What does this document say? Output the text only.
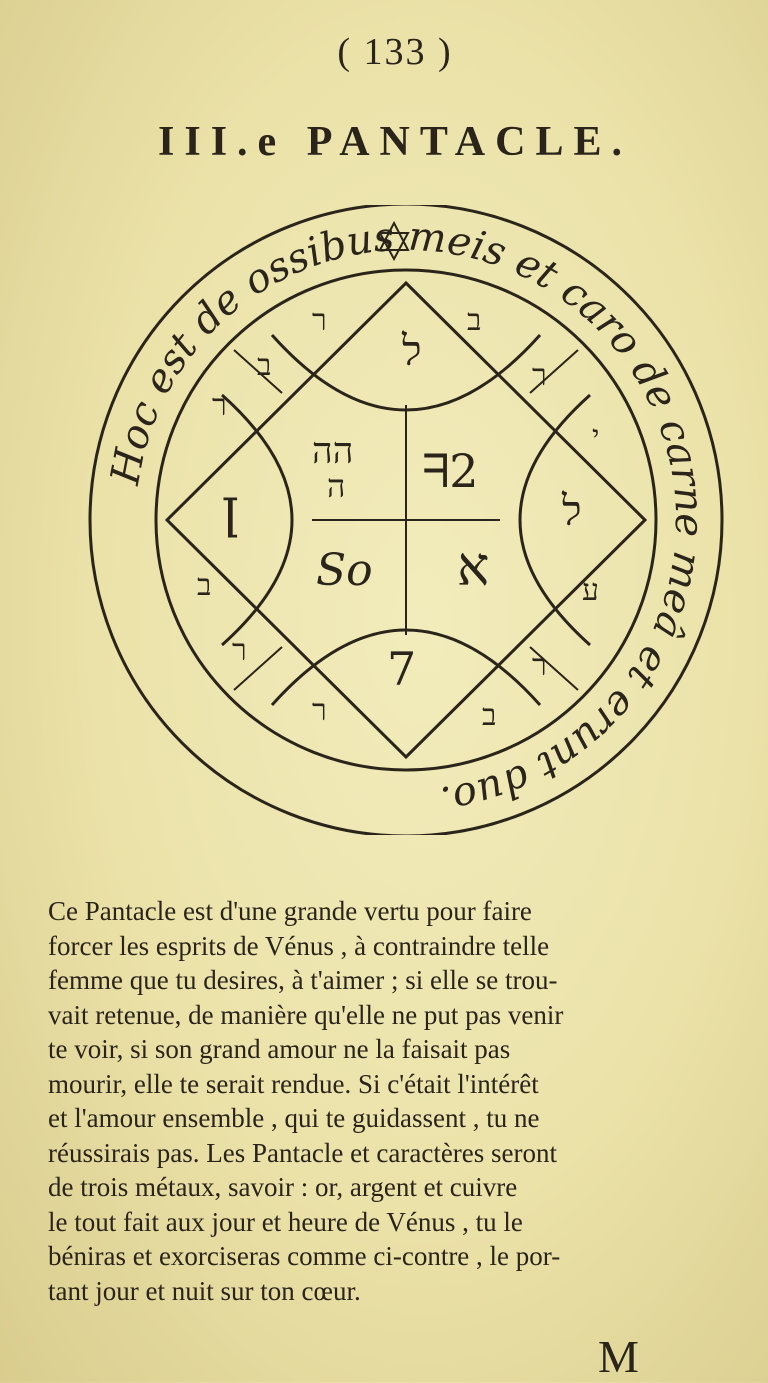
( 133 )
III.e PANTACLE.
הה
ה ᖷ2
So
7
ꞁ
ל
ל
ﬡ
ר	ב
ר
י
ע
ר
ב
ר
ר
ב
ר
ב
Hoc est de ossibus meis et caro de carne meâ et erunt duo.
Ce Pantacle est d'une grande vertu pour faire
forcer les esprits de Vénus , à contraindre telle
femme que tu desires, à t'aimer ; si elle se trou-
vait retenue, de manière qu'elle ne put pas venir
te voir, si son grand amour ne la faisait pas
mourir, elle te serait rendue. Si c'était l'intérêt
et l'amour ensemble , qui te guidassent , tu ne
réussirais pas. Les Pantacle et caractères seront
de trois métaux, savoir : or, argent et cuivre
le tout fait aux jour et heure de Vénus , tu le
béniras et exorciseras comme ci-contre , le por-
tant jour et nuit sur ton cœur.
M
